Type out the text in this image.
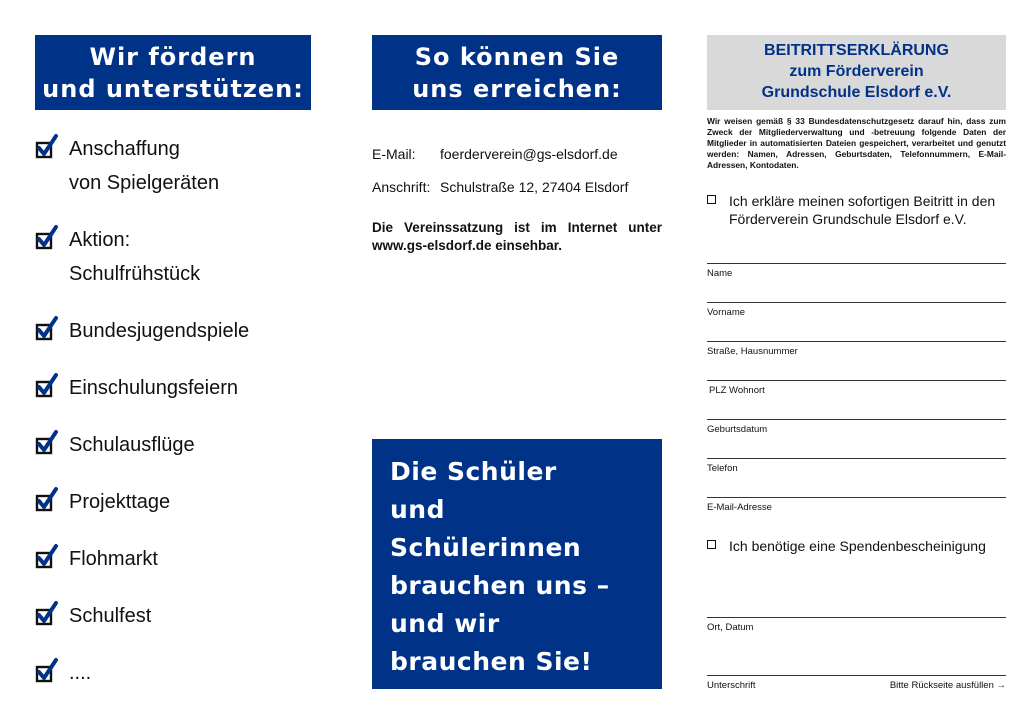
Wir fördern
und unterstützen:
Anschaffung
von Spielgeräten
Aktion:
Schulfrühstück
Bundesjugendspiele
Einschulungsfeiern
Schulausflüge
Projekttage
Flohmarkt
Schulfest
....
So können Sie
uns erreichen:
E-Mail: foerderverein@gs-elsdorf.de
Anschrift: Schulstraße 12, 27404 Elsdorf
Die Vereinssatzung ist im Internet unter www.gs-elsdorf.de einsehbar.
Die Schüler
und
Schülerinnen
brauchen uns –
und wir
brauchen Sie!
BEITRITTSERKLÄRUNG
zum Förderverein
Grundschule Elsdorf e.V.
Wir weisen gemäß § 33 Bundesdatenschutzgesetz darauf hin, dass zum Zweck der Mitgliederverwaltung und -betreuung folgende Daten der Mitglieder in automatisierten Dateien gespeichert, verarbeitet und genutzt werden: Namen, Adressen, Geburtsdaten, Telefonnummern, E-Mail-Adressen, Kontodaten.
Ich erkläre meinen sofortigen Beitritt in den Förderverein Grundschule Elsdorf e.V.
Name
Vorname
Straße, Hausnummer
PLZ Wohnort
Geburtsdatum
Telefon
E-Mail-Adresse
Ich benötige eine Spendenbescheinigung
Ort, Datum
Unterschrift	Bitte Rückseite ausfüllen →
